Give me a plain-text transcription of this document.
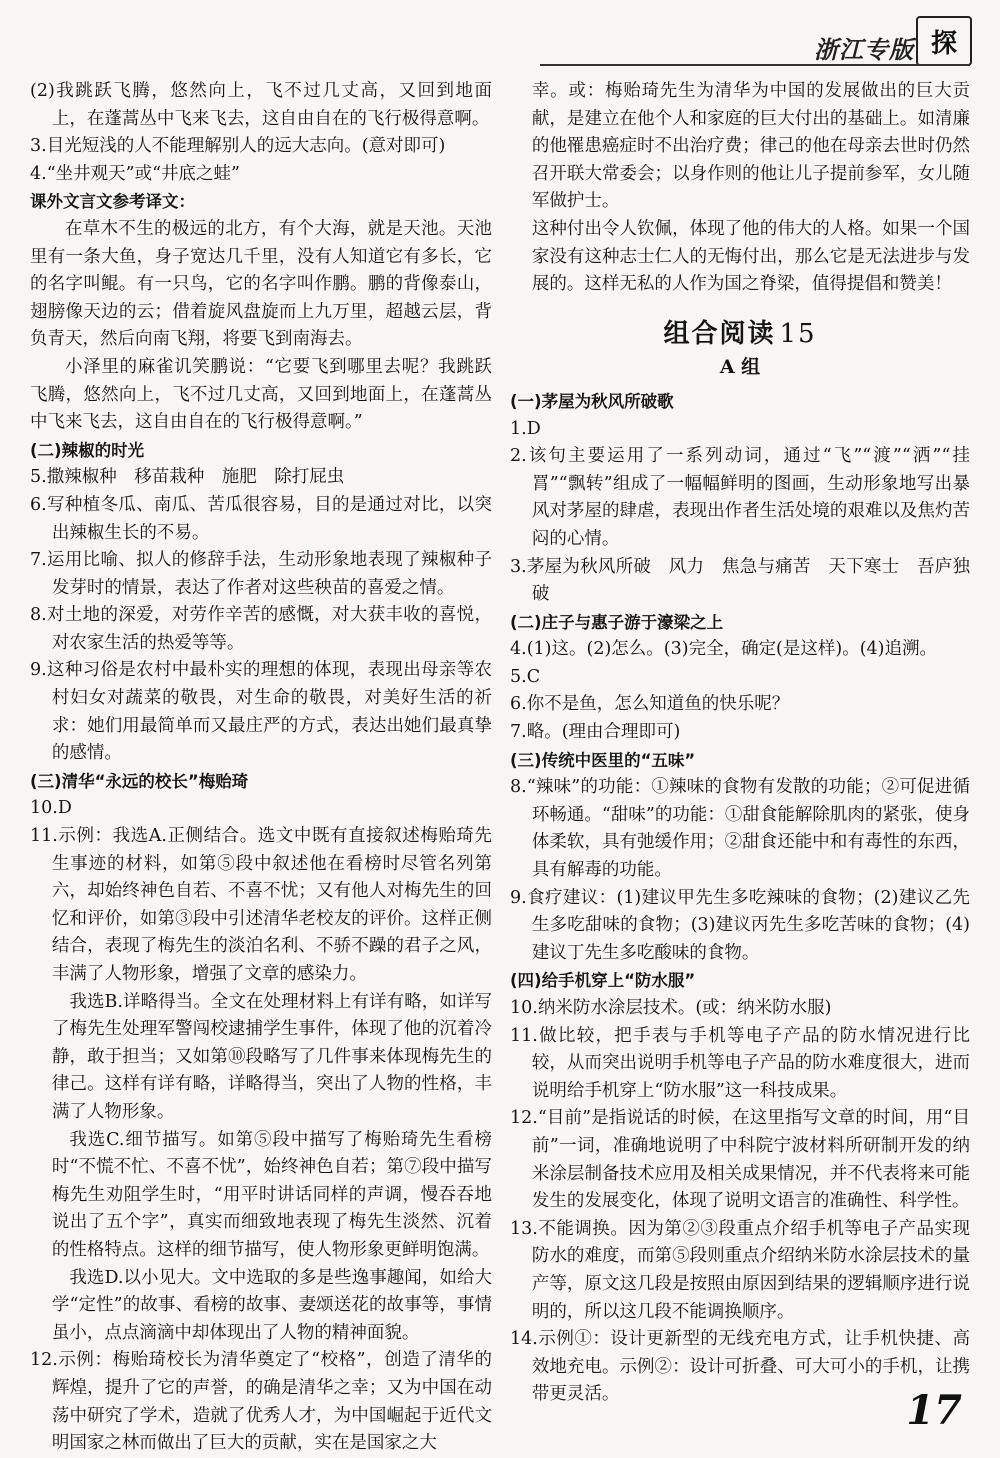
浙江专版 探

(2)我跳跃飞腾，悠然向上，飞不过几丈高，又回到地面上，在蓬蒿丛中飞来飞去，这自由自在的飞行极得意啊。

3.目光短浅的人不能理解别人的远大志向。(意对即可)

4.“坐井观天”或“井底之蛙”

课外文言文参考译文：

在草木不生的极远的北方，有个大海，就是天池。天池里有一条大鱼，身子宽达几千里，没有人知道它有多长，它的名字叫鲲。有一只鸟，它的名字叫作鹏。鹏的背像泰山，翅膀像天边的云；借着旋风盘旋而上九万里，超越云层，背负青天，然后向南飞翔，将要飞到南海去。

小泽里的麻雀讥笑鹏说：“它要飞到哪里去呢？我跳跃飞腾，悠然向上，飞不过几丈高，又回到地面上，在蓬蒿丛中飞来飞去，这自由自在的飞行极得意啊。”

(二)辣椒的时光

5.撒辣椒种　移苗栽种　施肥　除打屁虫

6.写种植冬瓜、南瓜、苦瓜很容易，目的是通过对比，以突出辣椒生长的不易。

7.运用比喻、拟人的修辞手法，生动形象地表现了辣椒种子发芽时的情景，表达了作者对这些秧苗的喜爱之情。

8.对土地的深爱，对劳作辛苦的感慨，对大获丰收的喜悦，对农家生活的热爱等等。

9.这种习俗是农村中最朴实的理想的体现，表现出母亲等农村妇女对蔬菜的敬畏，对生命的敬畏，对美好生活的祈求：她们用最简单而又最庄严的方式，表达出她们最真挚的感情。

(三)清华“永远的校长”梅贻琦

10.D

11.示例：我选A.正侧结合。选文中既有直接叙述梅贻琦先生事迹的材料，如第⑤段中叙述他在看榜时尽管名列第六，却始终神色自若、不喜不忧；又有他人对梅先生的回忆和评价，如第③段中引述清华老校友的评价。这样正侧结合，表现了梅先生的淡泊名利、不骄不躁的君子之风，丰满了人物形象，增强了文章的感染力。

我选B.详略得当。全文在处理材料上有详有略，如详写了梅先生处理军警闯校逮捕学生事件，体现了他的沉着冷静，敢于担当；又如第⑩段略写了几件事来体现梅先生的律己。这样有详有略，详略得当，突出了人物的性格，丰满了人物形象。

我选C.细节描写。如第⑤段中描写了梅贻琦先生看榜时“不慌不忙、不喜不忧”，始终神色自若；第⑦段中描写梅先生劝阻学生时，“用平时讲话同样的声调，慢吞吞地说出了五个字”，真实而细致地表现了梅先生淡然、沉着的性格特点。这样的细节描写，使人物形象更鲜明饱满。

我选D.以小见大。文中选取的多是些逸事趣闻，如给大学“定性”的故事、看榜的故事、妻颂送花的故事等，事情虽小，点点滴滴中却体现出了人物的精神面貌。

12.示例：梅贻琦校长为清华奠定了“校格”，创造了清华的辉煌，提升了它的声誉，的确是清华之幸；又为中国在动荡中研究了学术，造就了优秀人才，为中国崛起于近代文明国家之林而做出了巨大的贡献，实在是国家之大

幸。或：梅贻琦先生为清华为中国的发展做出的巨大贡献，是建立在他个人和家庭的巨大付出的基础上。如清廉的他罹患癌症时不出治疗费；律己的他在母亲去世时仍然召开联大常委会；以身作则的他让儿子提前参军，女儿随军做护士。

这种付出令人钦佩，体现了他的伟大的人格。如果一个国家没有这种志士仁人的无悔付出，那么它是无法进步与发展的。这样无私的人作为国之脊梁，值得提倡和赞美！

组合阅读 15
A 组

(一)茅屋为秋风所破歌

1.D

2.该句主要运用了一系列动词，通过“飞”“渡”“洒”“挂罥”“飘转”组成了一幅幅鲜明的图画，生动形象地写出暴风对茅屋的肆虐，表现出作者生活处境的艰难以及焦灼苦闷的心情。

3.茅屋为秋风所破　风力　焦急与痛苦　天下寒士　吾庐独破

(二)庄子与惠子游于濠梁之上

4.(1)这。(2)怎么。(3)完全，确定(是这样)。(4)追溯。

5.C

6.你不是鱼，怎么知道鱼的快乐呢？

7.略。(理由合理即可)

(三)传统中医里的“五味”

8.“辣味”的功能：①辣味的食物有发散的功能；②可促进循环畅通。“甜味”的功能：①甜食能解除肌肉的紧张，使身体柔软，具有弛缓作用；②甜食还能中和有毒性的东西，具有解毒的功能。

9.食疗建议：(1)建议甲先生多吃辣味的食物；(2)建议乙先生多吃甜味的食物；(3)建议丙先生多吃苦味的食物；(4)建议丁先生多吃酸味的食物。

(四)给手机穿上“防水服”

10.纳米防水涂层技术。(或：纳米防水服)

11.做比较，把手表与手机等电子产品的防水情况进行比较，从而突出说明手机等电子产品的防水难度很大，进而说明给手机穿上“防水服”这一科技成果。

12.“目前”是指说话的时候，在这里指写文章的时间，用“目前”一词，准确地说明了中科院宁波材料所研制开发的纳米涂层制备技术应用及相关成果情况，并不代表将来可能发生的发展变化，体现了说明文语言的准确性、科学性。

13.不能调换。因为第②③段重点介绍手机等电子产品实现防水的难度，而第⑤段则重点介绍纳米防水涂层技术的量产等，原文这几段是按照由原因到结果的逻辑顺序进行说明的，所以这几段不能调换顺序。

14.示例①：设计更新型的无线充电方式，让手机快捷、高效地充电。示例②：设计可折叠、可大可小的手机，让携带更灵活。	17
